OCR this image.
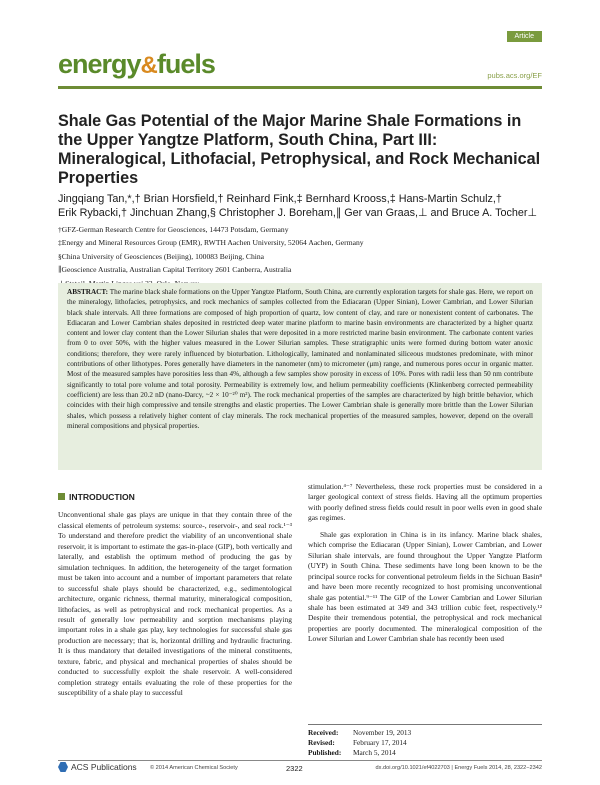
Article
energy&fuels	pubs.acs.org/EF
Shale Gas Potential of the Major Marine Shale Formations in the Upper Yangtze Platform, South China, Part III: Mineralogical, Lithofacial, Petrophysical, and Rock Mechanical Properties
Jingqiang Tan,*,† Brian Horsfield,† Reinhard Fink,‡ Bernhard Krooss,‡ Hans-Martin Schulz,†
Erik Rybacki,† Jinchuan Zhang,§ Christopher J. Boreham,∥ Ger van Graas,⊥ and Bruce A. Tocher⊥
†GFZ-German Research Centre for Geosciences, 14473 Potsdam, Germany
‡Energy and Mineral Resources Group (EMR), RWTH Aachen University, 52064 Aachen, Germany
§China University of Geosciences (Beijing), 100083 Beijing, China
∥Geoscience Australia, Australian Capital Territory 2601 Canberra, Australia

ABSTRACT: The marine black shale formations on the Upper Yangtze Platform, South China, are currently exploration targets for shale gas. Here, we report on the mineralogy, lithofacies, petrophysics, and rock mechanics of samples collected from the Ediacaran (Upper Sinian), Lower Cambrian, and Lower Silurian black shale intervals. All three formations are composed of high proportion of quartz, low content of clay, and rare or nonexistent content of carbonates. The Ediacaran and Lower Cambrian shales deposited in restricted deep water marine platform to marine basin environments are characterized by a higher quartz content and lower clay content than the Lower Silurian shales that were deposited in a more restricted marine basin environment. The carbonate content varies from 0 to over 50%, with the higher values measured in the Lower Silurian samples. These stratigraphic units were formed during bottom water anoxic conditions; therefore, they were rarely influenced by bioturbation. Lithologically, laminated and nonlaminated siliceous mudstones predominate, with minor contributions of other lithotypes. Pores generally have diameters in the nanometer (nm) to micrometer (μm) range, and numerous pores occur in organic matter. Most of the measured samples have porosities less than 4%, although a few samples show porosity in excess of 10%. Pores with radii less than 50 nm contribute significantly to total pore volume and total porosity. Permeability is extremely low, and helium permeability coefficients (Klinkenberg corrected permeability coefficient) are less than 20.2 nD (nano-Darcy, ~2 × 10⁻²⁰ m²). The rock mechanical properties of the samples are characterized by high brittle behavior, which coincides with their high compressive and tensile strengths and elastic properties. The Lower Cambrian shale is generally more brittle than the Lower Silurian shales, which possess a relatively higher content of clay minerals. The rock mechanical properties of the measured samples, however, depend on the overall mineral compositions and physical properties.

INTRODUCTION

Unconventional shale gas plays are unique in that they contain three of the classical elements of petroleum systems: source-, reservoir-, and seal rock.¹⁻³ To understand and therefore predict the viability of an unconventional shale reservoir, it is important to estimate the gas-in-place (GIP), both vertically and laterally, and establish the optimum method of producing the gas by simulation techniques. In addition, the heterogeneity of the target formation must be taken into account and a number of important parameters that relate to successful shale plays should be characterized, e.g., sedimentological architecture, organic richness, thermal maturity, mineralogical composition, lithofacies, as well as petrophysical and rock mechanical properties. As a result of generally low permeability and sorption mechanisms playing important roles in a shale gas play, key technologies for successful shale gas production are necessary; that is, horizontal drilling and hydraulic fracturing. It is thus mandatory that detailed investigations of the mineral constituents, texture, fabric, and physical and mechanical properties of shales should be conducted to successfully exploit the shale reservoir. A well-considered completion strategy entails evaluating the role of these properties for the susceptibility of a shale play to successful

stimulation.⁴⁻⁷ Nevertheless, these rock properties must be considered in a larger geological context of stress fields. Having all the optimum properties with poorly defined stress fields could result in poor wells even in good shale gas regimes.

Shale gas exploration in China is in its infancy. Marine black shales, which comprise the Ediacaran (Upper Sinian), Lower Cambrian, and Lower Silurian shale intervals, are found throughout the Upper Yangtze Platform (UYP) in South China. These sediments have long been known to be the principal source rocks for conventional petroleum fields in the Sichuan Basin⁸ and have been more recently recognized to host promising unconventional shale gas potential.⁹⁻¹¹ The GIP of the Lower Cambrian and Lower Silurian shale has been estimated at 349 and 343 trillion cubic feet, respectively.¹² Despite their tremendous potential, the petrophysical and rock mechanical properties are poorly documented. The mineralogical composition of the Lower Silurian and Lower Cambrian shale has recently been used

Received: November 19, 2013
Revised: February 17, 2014
Published: March 5, 2014
ACS Publications © 2014 American Chemical Society	2322	dx.doi.org/10.1021/ef4022703 | Energy Fuels 2014, 28, 2322−2342
